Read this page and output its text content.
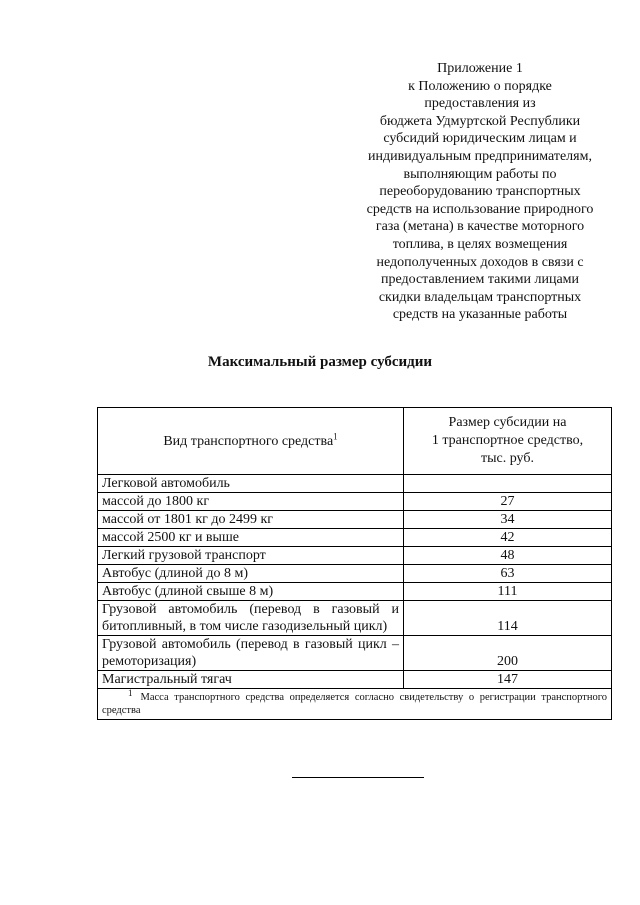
Приложение 1
к Положению о порядке
предоставления из
бюджета Удмуртской Республики
субсидий юридическим лицам и
индивидуальным предпринимателям,
выполняющим работы по
переоборудованию транспортных
средств на использование природного
газа (метана) в качестве моторного
топлива, в целях возмещения
недополученных доходов в связи с
предоставлением такими лицами
скидки владельцам транспортных
средств на указанные работы
Максимальный размер субсидии
Вид транспортного средства$^1$	Размер субсидии на
1 транспортное средство,
тыс. руб.

Легковой автомобиль	
массой до 1800 кг	27
массой от 1801 кг до 2499 кг	34
массой 2500 кг и выше	42
Легкий грузовой транспорт	48
Автобус (длиной до 8 м)	63
Автобус (длиной свыше 8 м)	111
Грузовой автомобиль (перевод в газовый и битопливный, в том числе газодизельный цикл)	114
Грузовой автомобиль (перевод в газовый цикл – ремоторизация)	200
Магистральный тягач	147
$^1$ Масса транспортного средства определяется согласно свидетельству о регистрации транспортного средства	
